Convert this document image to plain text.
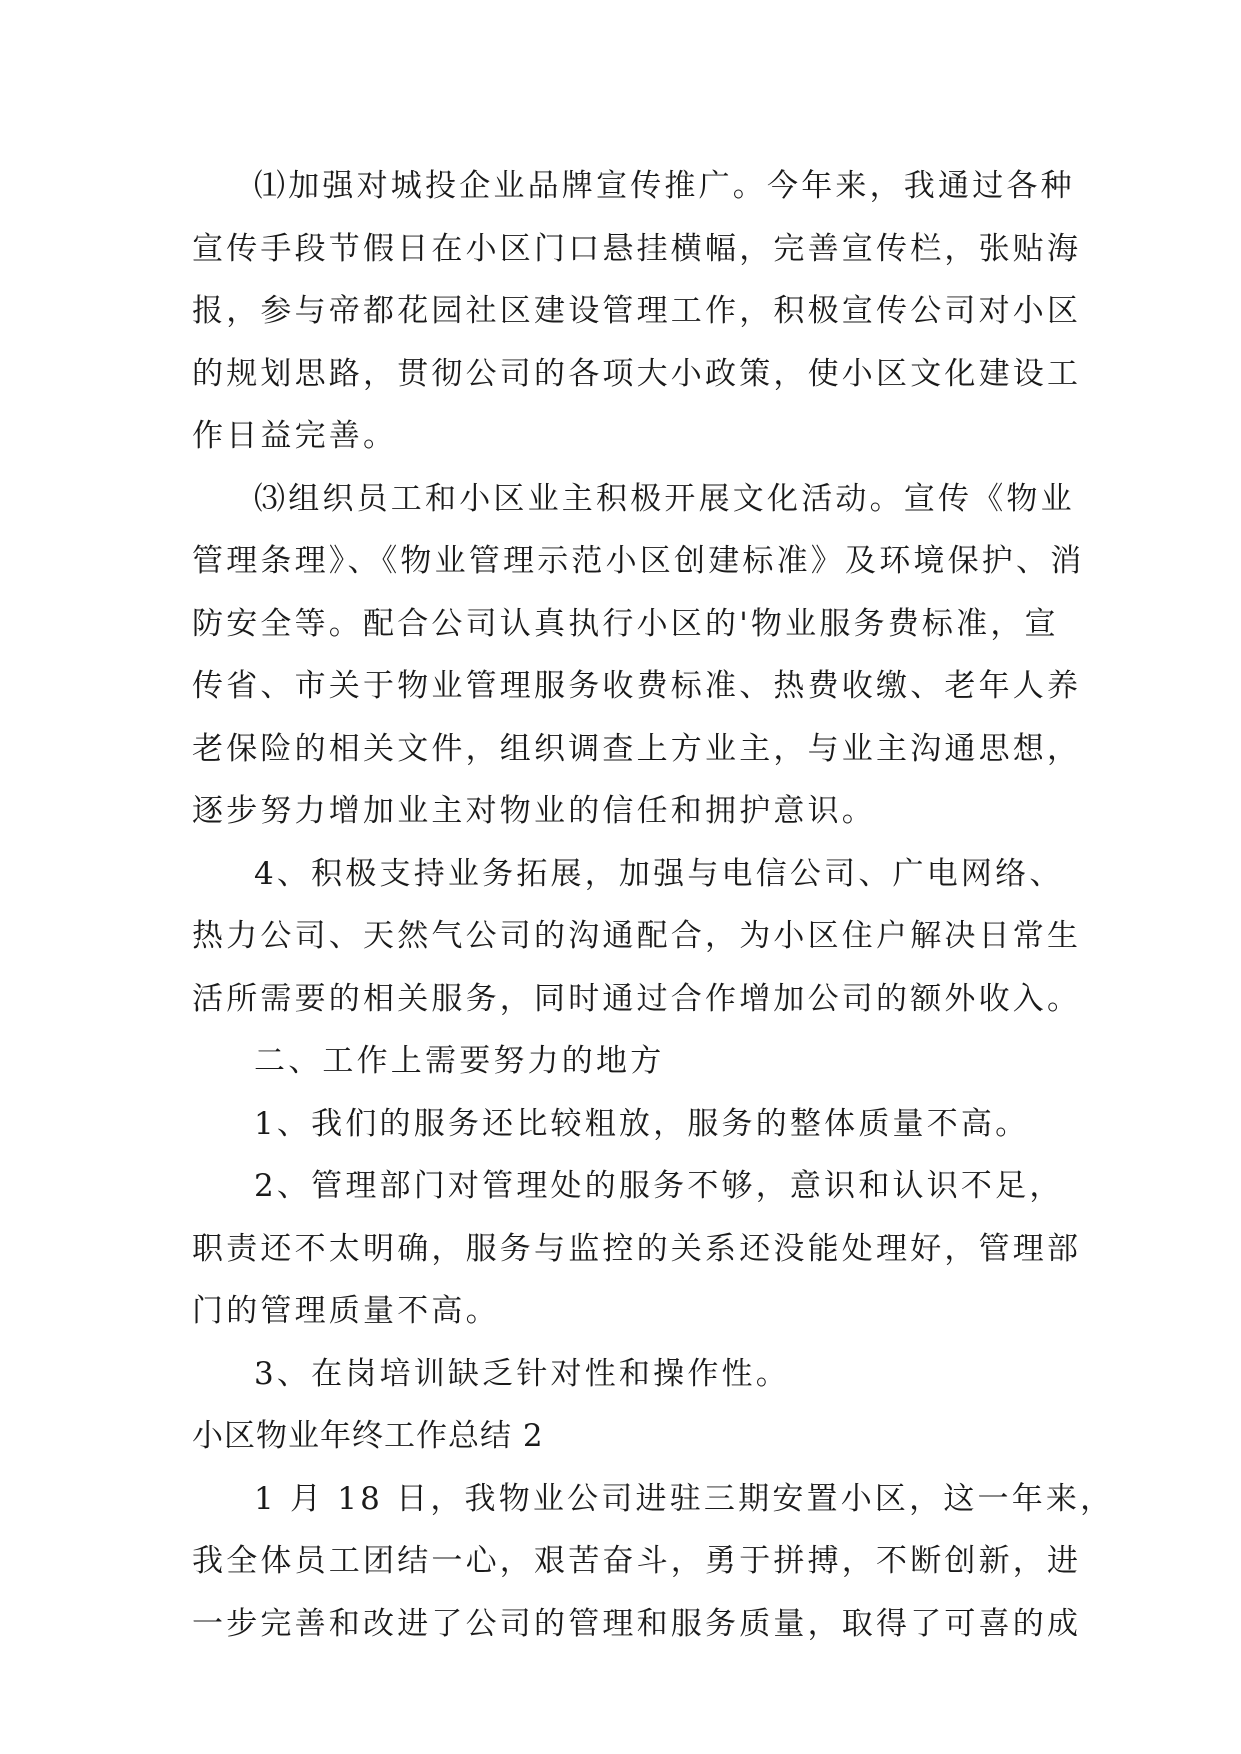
⑴加强对城投企业品牌宣传推广。今年来，我通过各种
宣传手段节假日在小区门口悬挂横幅，完善宣传栏，张贴海
报，参与帝都花园社区建设管理工作，积极宣传公司对小区
的规划思路，贯彻公司的各项大小政策，使小区文化建设工
作日益完善。
⑶组织员工和小区业主积极开展文化活动。宣传《物业
管理条理》、《物业管理示范小区创建标准》及环境保护、消
防安全等。配合公司认真执行小区的'物业服务费标准，宣
传省、市关于物业管理服务收费标准、热费收缴、老年人养
老保险的相关文件，组织调查上方业主，与业主沟通思想，
逐步努力增加业主对物业的信任和拥护意识。
4、积极支持业务拓展，加强与电信公司、广电网络、
热力公司、天然气公司的沟通配合，为小区住户解决日常生
活所需要的相关服务，同时通过合作增加公司的额外收入。
二、工作上需要努力的地方
1、我们的服务还比较粗放，服务的整体质量不高。
2、管理部门对管理处的服务不够，意识和认识不足，
职责还不太明确，服务与监控的关系还没能处理好，管理部
门的管理质量不高。
3、在岗培训缺乏针对性和操作性。
小区物业年终工作总结 2
1 月 18 日，我物业公司进驻三期安置小区，这一年来，
我全体员工团结一心，艰苦奋斗，勇于拼搏，不断创新，进
一步完善和改进了公司的管理和服务质量，取得了可喜的成
